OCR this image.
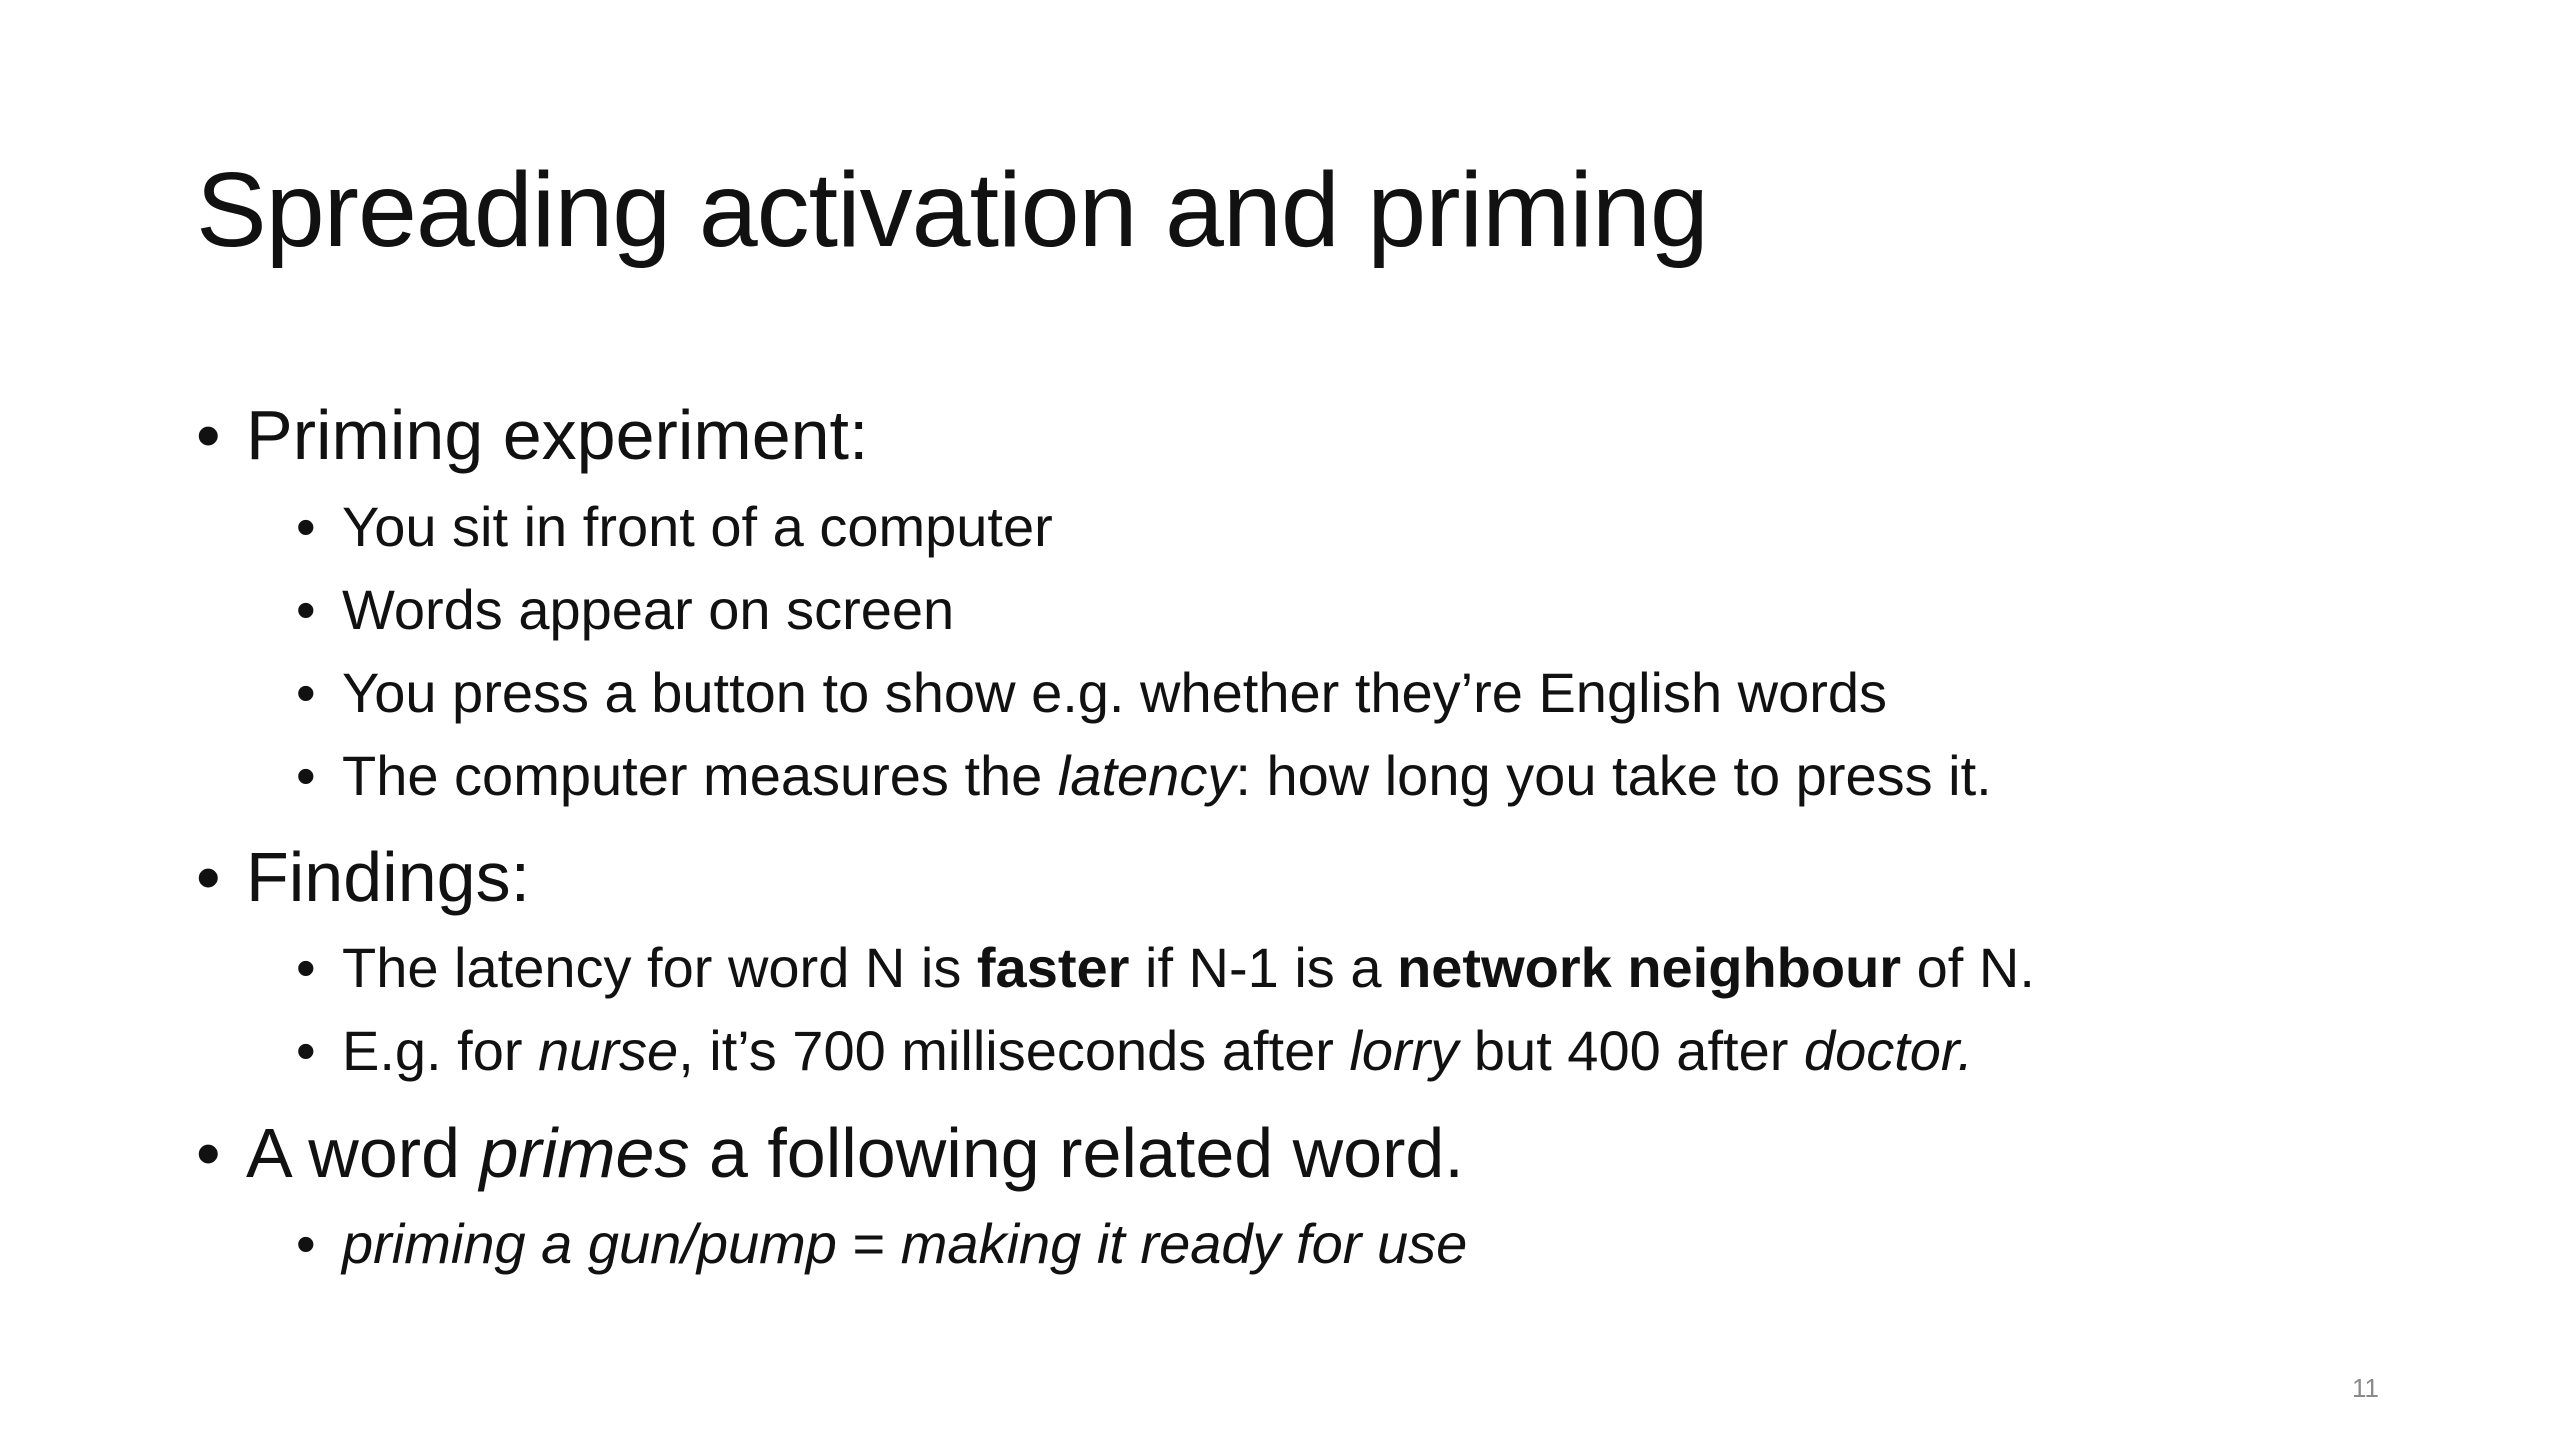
Spreading activation and priming
• Priming experiment:
• You sit in front of a computer
• Words appear on screen
• You press a button to show e.g. whether they’re English words
• The computer measures the latency: how long you take to press it.
• Findings:
• The latency for word N is faster if N-1 is a network neighbour of N.
• E.g. for nurse, it’s 700 milliseconds after lorry but 400 after doctor.
• A word primes a following related word.
• priming a gun/pump = making it ready for use
11
